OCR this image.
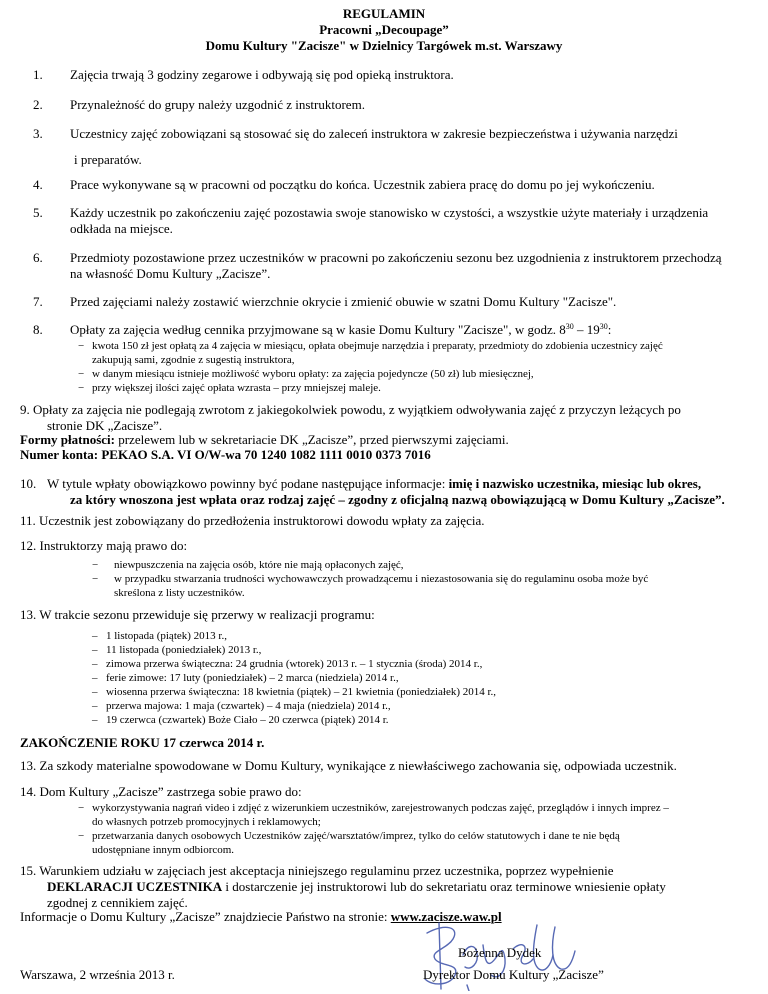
REGULAMIN
Pracowni „Decoupage”
Domu Kultury "Zacisze" w Dzielnicy Targówek m.st. Warszawy
1. Zajęcia trwają 3 godziny zegarowe i odbywają się pod opieką instruktora.
2. Przynależność do grupy należy uzgodnić z instruktorem.
3. Uczestnicy zajęć zobowiązani są stosować się do zaleceń instruktora w zakresie bezpieczeństwa i używania narzędzi
i preparatów.
4. Prace wykonywane są w pracowni od początku do końca. Uczestnik zabiera pracę do domu po jej wykończeniu.
5. Każdy uczestnik po zakończeniu zajęć pozostawia swoje stanowisko w czystości, a wszystkie użyte materiały i urządzenia
odkłada na miejsce.
6. Przedmioty pozostawione przez uczestników w pracowni po zakończeniu sezonu bez uzgodnienia z instruktorem przechodzą
na własność Domu Kultury „Zacisze”.
7. Przed zajęciami należy zostawić wierzchnie okrycie i zmienić obuwie w szatni Domu Kultury "Zacisze".
8. Opłaty za zajęcia według cennika przyjmowane są w kasie Domu Kultury "Zacisze", w godz. $8^{30} - 19^{30}$:
− kwota 150 zł jest opłatą za 4 zajęcia w miesiącu, opłata obejmuje narzędzia i preparaty, przedmioty do zdobienia uczestnicy zajęć
zakupują sami, zgodnie z sugestią instruktora,
− w danym miesiącu istnieje możliwość wyboru opłaty: za zajęcia pojedyncze (50 zł) lub miesięcznej,
− przy większej ilości zajęć opłata wzrasta – przy mniejszej maleje.
9. Opłaty za zajęcia nie podlegają zwrotom z jakiegokolwiek powodu, z wyjątkiem odwoływania zajęć z przyczyn leżących po
stronie DK „Zacisze”.
Formy płatności: przelewem lub w sekretariacie DK „Zacisze”, przed pierwszymi zajęciami.
Numer konta: PEKAO S.A. VI O/W-wa 70 1240 1082 1111 0010 0373 7016
10. W tytule wpłaty obowiązkowo powinny być podane następujące informacje: imię i nazwisko uczestnika, miesiąc lub okres,
za który wnoszona jest wpłata oraz rodzaj zajęć – zgodny z oficjalną nazwą obowiązującą w Domu Kultury „Zacisze”.
11. Uczestnik jest zobowiązany do przedłożenia instruktorowi dowodu wpłaty za zajęcia.
12. Instruktorzy mają prawo do:
− niewpuszczenia na zajęcia osób, które nie mają opłaconych zajęć,
− w przypadku stwarzania trudności wychowawczych prowadzącemu i niezastosowania się do regulaminu osoba może być
skreślona z listy uczestników.
13. W trakcie sezonu przewiduje się przerwy w realizacji programu:
– 1 listopada (piątek) 2013 r.,
– 11 listopada (poniedziałek) 2013 r.,
– zimowa przerwa świąteczna: 24 grudnia (wtorek) 2013 r. – 1 stycznia (środa) 2014 r.,
– ferie zimowe: 17 luty (poniedziałek) – 2 marca (niedziela) 2014 r.,
– wiosenna przerwa świąteczna: 18 kwietnia (piątek) – 21 kwietnia (poniedziałek) 2014 r.,
– przerwa majowa: 1 maja (czwartek) – 4 maja (niedziela) 2014 r.,
– 19 czerwca (czwartek) Boże Ciało – 20 czerwca (piątek) 2014 r.
ZAKOŃCZENIE ROKU 17 czerwca 2014 r.
13. Za szkody materialne spowodowane w Domu Kultury, wynikające z niewłaściwego zachowania się, odpowiada uczestnik.
14. Dom Kultury „Zacisze” zastrzega sobie prawo do:
− wykorzystywania nagrań video i zdjęć z wizerunkiem uczestników, zarejestrowanych podczas zajęć, przeglądów i innych imprez –
do własnych potrzeb promocyjnych i reklamowych;
− przetwarzania danych osobowych Uczestników zajęć/warsztatów/imprez, tylko do celów statutowych i dane te nie będą
udostępniane innym odbiorcom.
15. Warunkiem udziału w zajęciach jest akceptacja niniejszego regulaminu przez uczestnika, poprzez wypełnienie
DEKLARACJI UCZESTNIKA i dostarczenie jej instruktorowi lub do sekretariatu oraz terminowe wniesienie opłaty
zgodnej z cennikiem zajęć.
Informacje o Domu Kultury „Zacisze” znajdziecie Państwo na stronie: www.zacisze.waw.pl
Bożenna Dydek
Warszawa, 2 września 2013 r.	Dyrektor Domu Kultury „Zacisze”
